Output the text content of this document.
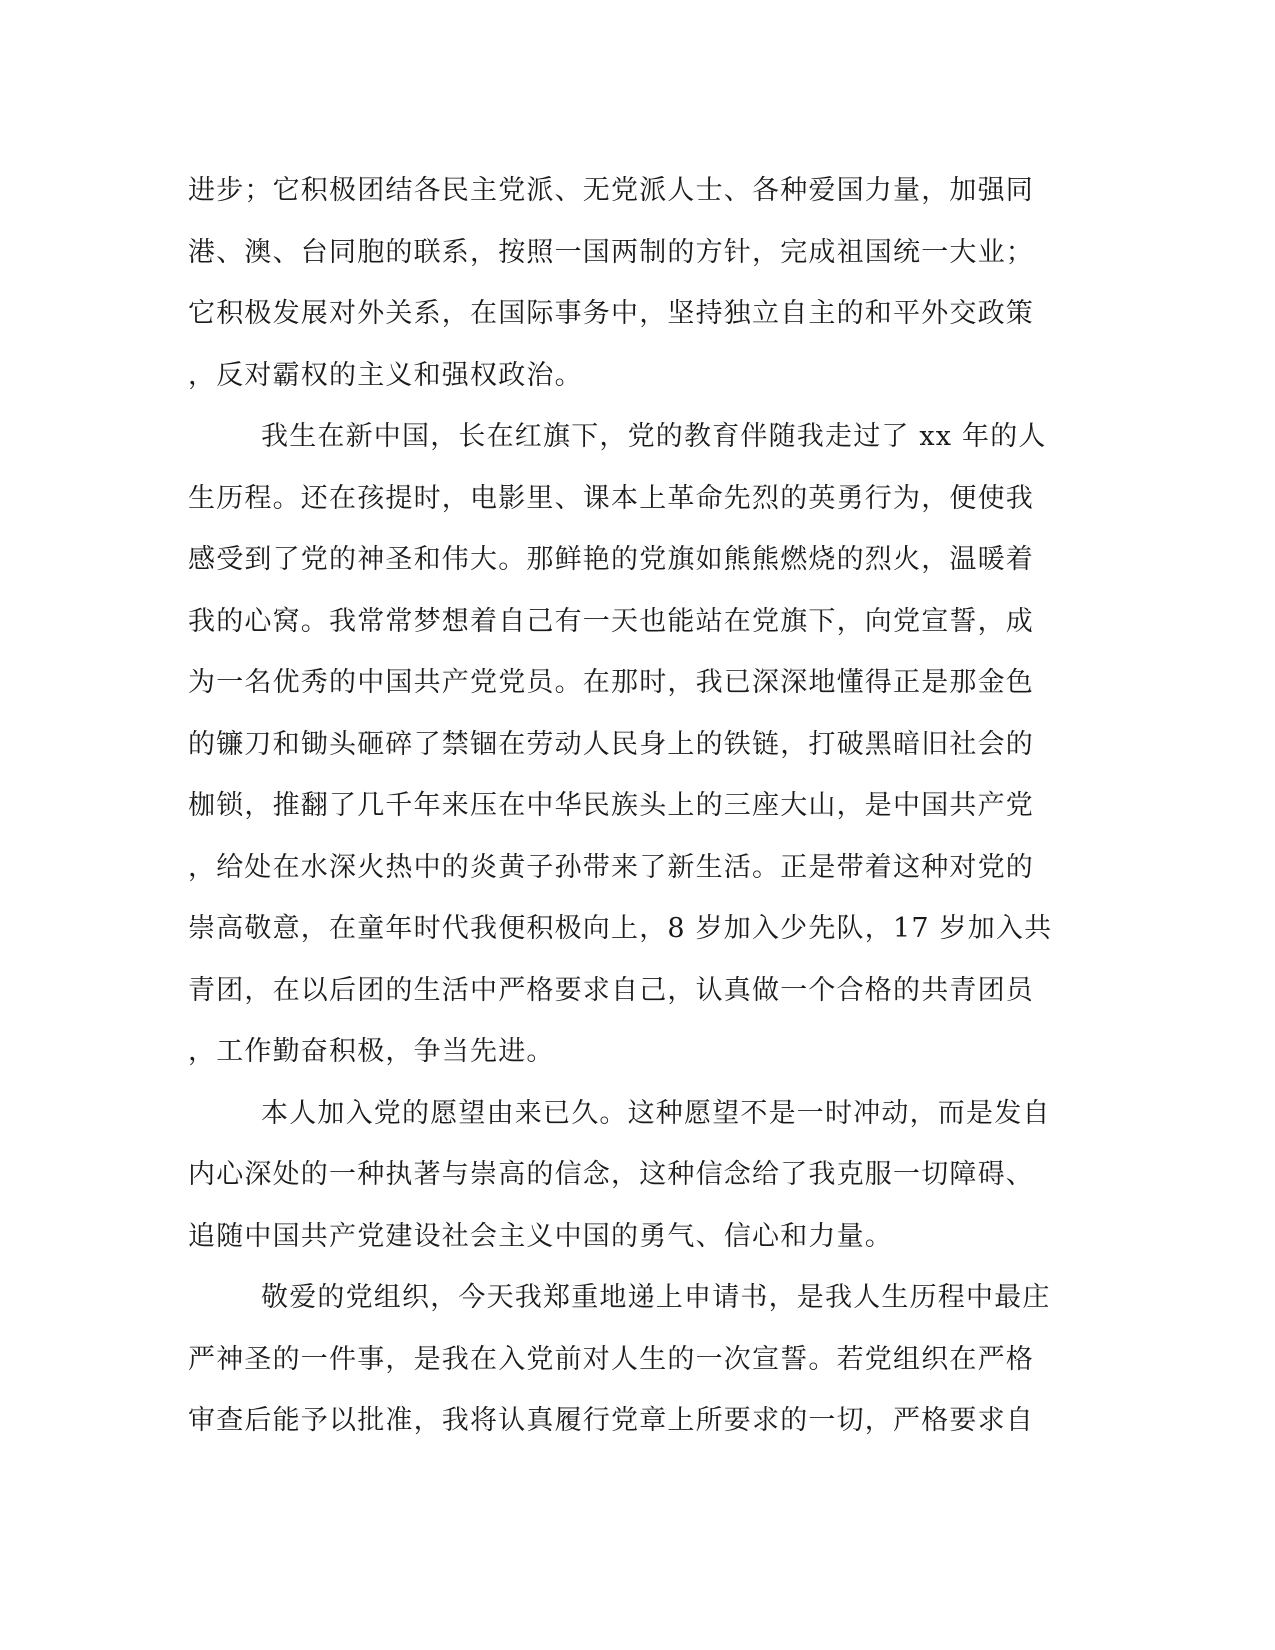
进步；它积极团结各民主党派、无党派人士、各种爱国力量，加强同
港、澳、台同胞的联系，按照一国两制的方针，完成祖国统一大业；
它积极发展对外关系，在国际事务中，坚持独立自主的和平外交政策
，反对霸权的主义和强权政治。
我生在新中国，长在红旗下，党的教育伴随我走过了 xx 年的人
生历程。还在孩提时，电影里、课本上革命先烈的英勇行为，便使我
感受到了党的神圣和伟大。那鲜艳的党旗如熊熊燃烧的烈火，温暖着
我的心窝。我常常梦想着自己有一天也能站在党旗下，向党宣誓，成
为一名优秀的中国共产党党员。在那时，我已深深地懂得正是那金色
的镰刀和锄头砸碎了禁锢在劳动人民身上的铁链，打破黑暗旧社会的
枷锁，推翻了几千年来压在中华民族头上的三座大山，是中国共产党
，给处在水深火热中的炎黄子孙带来了新生活。正是带着这种对党的
崇高敬意，在童年时代我便积极向上，8 岁加入少先队，17 岁加入共
青团，在以后团的生活中严格要求自己，认真做一个合格的共青团员
，工作勤奋积极，争当先进。
本人加入党的愿望由来已久。这种愿望不是一时冲动，而是发自
内心深处的一种执著与崇高的信念，这种信念给了我克服一切障碍、
追随中国共产党建设社会主义中国的勇气、信心和力量。
敬爱的党组织，今天我郑重地递上申请书，是我人生历程中最庄
严神圣的一件事，是我在入党前对人生的一次宣誓。若党组织在严格
审查后能予以批准，我将认真履行党章上所要求的一切，严格要求自
